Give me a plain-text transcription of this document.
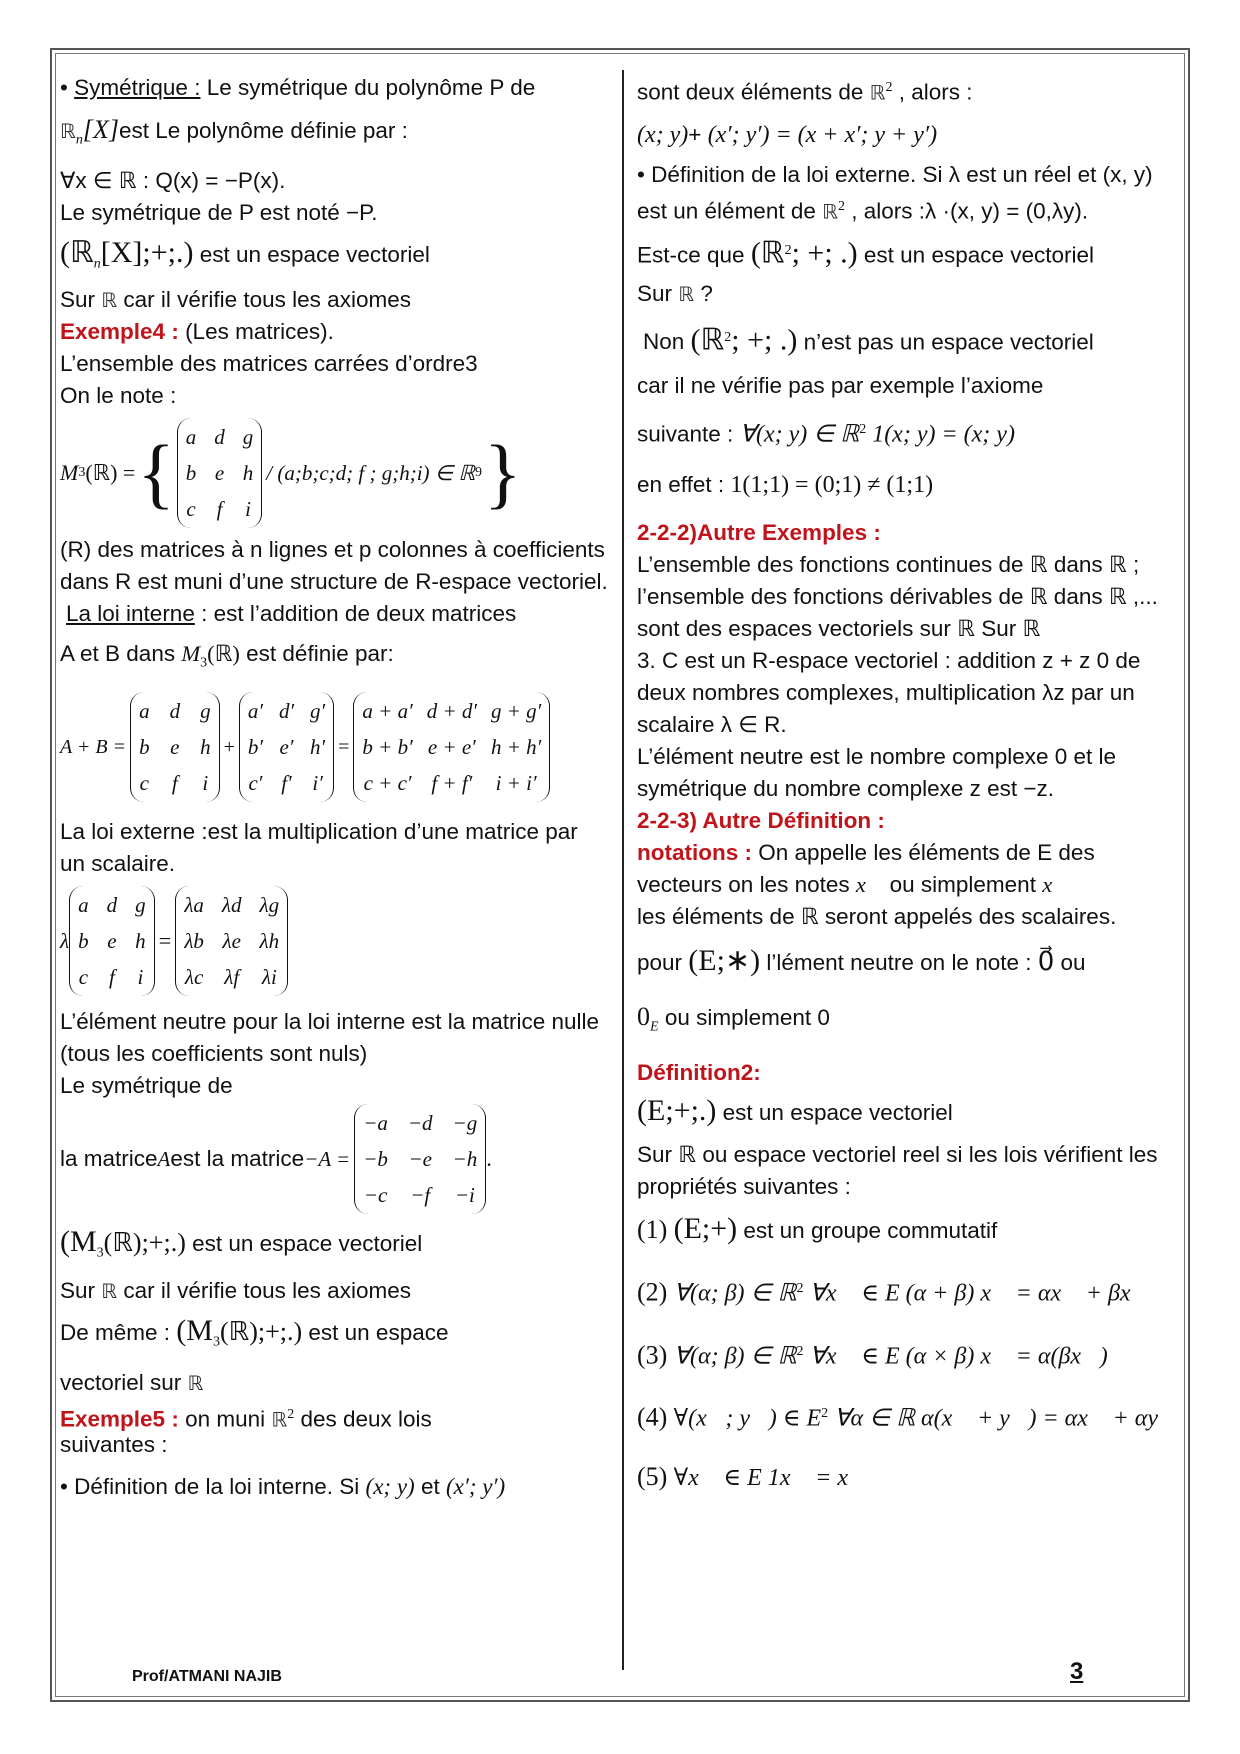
• Symétrique : Le symétrique du polynôme P de
ℝ$_n$[X]est Le polynôme définie par :
∀x ∈ ℝ : Q(x) = −P(x).
Le symétrique de P est noté −P.
(ℝ$_n$[X];+;.) est un espace vectoriel
Sur ℝ car il vérifie tous les axiomes
Exemple4 : (Les matrices).
L’ensemble des matrices carrées d’ordre3
On le note :
M 3 (ℝ) = { a d g
b e h
c f i
/ (a;b;c;d; f ; g;h;i) ∈ ℝ 9 }
(R) des matrices à n lignes et p colonnes à coefficients dans R est muni d’une structure de R-espace vectoriel.
La loi interne : est l’addition de deux matrices
A et B dans $M_3(ℝ)$ est définie par:
A + B =
a d g
b e h
c f i
+
a′ d′ g′
b′ e′ h′
c′ f′ i′
=
a + a′ d + d′ g + g′
b + b′ e + e′ h + h′
c + c′ f + f′ i + i′
La loi externe :est la multiplication d’une matrice par un scalaire.
λ
a d g
b e h
c f i
=
λa λd λg
λb λe λh
λc λf λi
L’élément neutre pour la loi interne est la matrice nulle (tous les coefficients sont nuls)
Le symétrique de
la matrice A est la matrice −A =
−a −d −g
−b −e −h
−c −f −i
.
$(M_3(ℝ);+;.)$ est un espace vectoriel
Sur ℝ car il vérifie tous les axiomes
De même : $(M_3(ℝ);+;.)$ est un espace
vectoriel sur ℝ
Exemple5 : on muni ℝ$^2$ des deux lois
suivantes :
• Définition de la loi interne. Si (x; y) et (x′; y′)
sont deux éléments de ℝ$^2$ , alors :
(x; y)+ (x′; y′) = (x + x′; y + y′)
• Définition de la loi externe. Si λ est un réel et (x, y) est un élément de ℝ$^2$ , alors :λ ·(x, y) = (0,λy).
Est-ce que (ℝ$^2$; +; .) est un espace vectoriel
Sur ℝ ?
Non (ℝ$^2$; +; .) n’est pas un espace vectoriel
car il ne vérifie pas par exemple l’axiome
suivante : ∀(x; y) ∈ ℝ$^2$ 1(x; y) = (x; y)
en effet : 1(1;1) = (0;1) ≠ (1;1)
2-2-2)Autre Exemples :
L’ensemble des fonctions continues de ℝ dans ℝ ; l’ensemble des fonctions dérivables de ℝ dans ℝ ,... sont des espaces vectoriels sur ℝ Sur ℝ
3. C est un R-espace vectoriel : addition z + z 0 de deux nombres complexes, multiplication λz par un scalaire λ ∈ R.
L’élément neutre est le nombre complexe 0 et le symétrique du nombre complexe z est −z.
2-2-3) Autre Définition :
notations : On appelle les éléments de E des vecteurs on les notes x⃗ ou simplement x
les éléments de ℝ seront appelés des scalaires.
pour (E;∗) l’lément neutre on le note : 0⃗ ou
$0_E$ ou simplement 0
Définition2:
(E;+;.) est un espace vectoriel
Sur ℝ ou espace vectoriel reel si les lois vérifient les propriétés suivantes :
(1) (E;+) est un groupe commutatif
(2) ∀(α; β) ∈ ℝ$^2$ ∀x⃗ ∈ E (α + β) x⃗ = αx⃗ + βx⃗
(3) ∀(α; β) ∈ ℝ$^2$ ∀x⃗ ∈ E (α × β) x⃗ = α(βx⃗)
(4) ∀(x⃗; y⃗) ∈ $E^2$ ∀α ∈ ℝ α(x⃗ + y⃗) = αx⃗ + αy⃗
(5) ∀x⃗ ∈ E 1x⃗ = x⃗
Prof/ATMANI NAJIB	3
